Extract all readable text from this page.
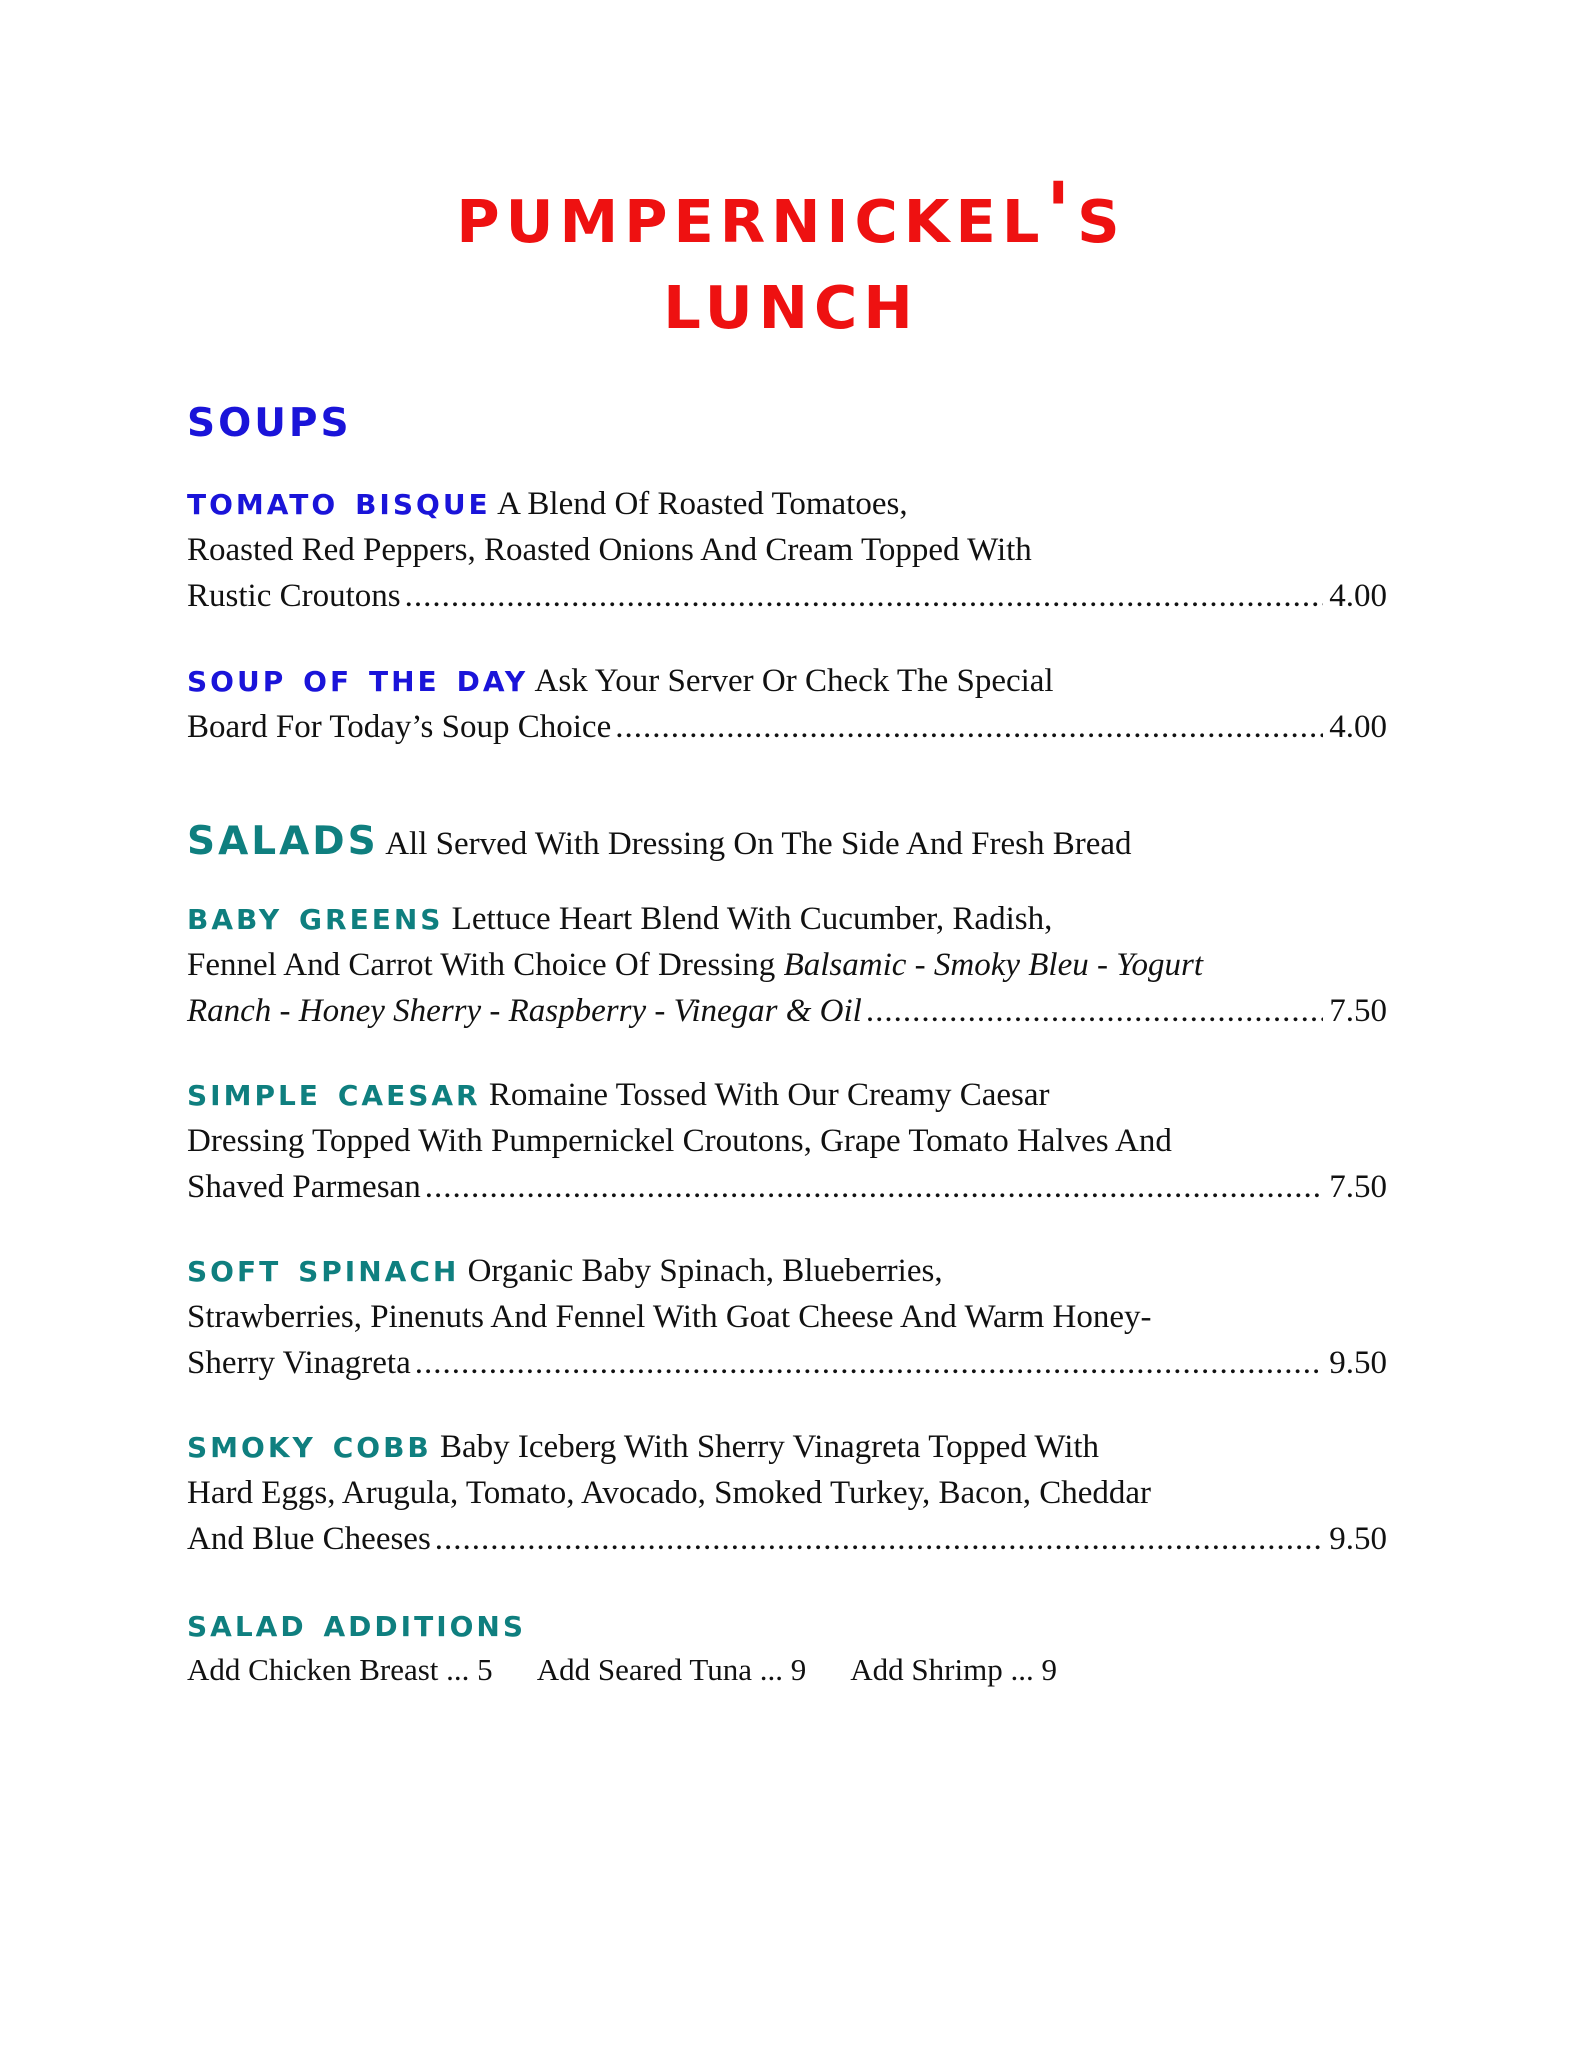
pumpernickel's
lunch
soups
tomato bisque A Blend Of Roasted Tomatoes,
Roasted Red Peppers, Roasted Onions And Cream Topped With
Rustic Croutons .....	4.00
soup of the day Ask Your Server Or Check The Special
Board For Today’s Soup Choice .....	4.00
salads All Served With Dressing On The Side And Fresh Bread
baby greens Lettuce Heart Blend With Cucumber, Radish,
Fennel And Carrot With Choice Of Dressing Balsamic - Smoky Bleu - Yogurt
Ranch - Honey Sherry - Raspberry - Vinegar & Oil .....	7.50
simple caesar Romaine Tossed With Our Creamy Caesar
Dressing Topped With Pumpernickel Croutons, Grape Tomato Halves And
Shaved Parmesan .....	7.50
soft spinach Organic Baby Spinach, Blueberries,
Strawberries, Pinenuts And Fennel With Goat Cheese And Warm Honey-
Sherry Vinagreta .....	9.50
smoky cobb Baby Iceberg With Sherry Vinagreta Topped With
Hard Eggs, Arugula, Tomato, Avocado, Smoked Turkey, Bacon, Cheddar
And Blue Cheeses .....	9.50
salad additions
Add Chicken Breast ... 5 Add Seared Tuna ... 9 Add Shrimp ... 9
